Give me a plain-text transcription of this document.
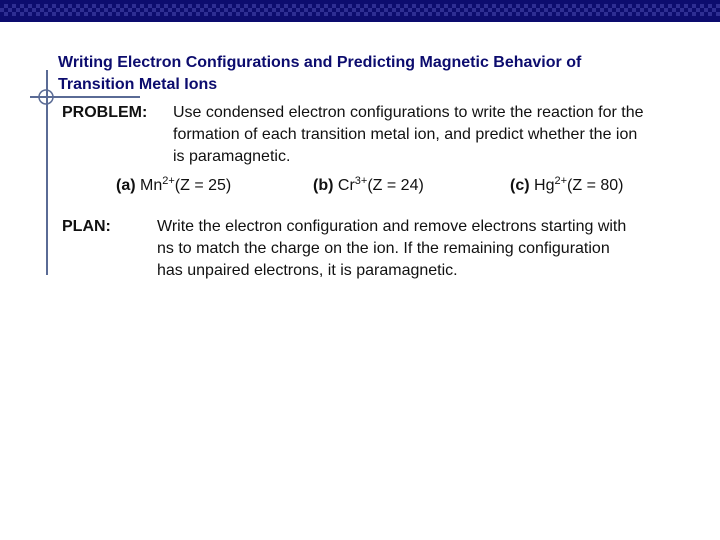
Writing Electron Configurations and Predicting Magnetic Behavior of
Transition Metal Ions
PROBLEM: Use condensed electron configurations to write the reaction for the
formation of each transition metal ion, and predict whether the ion
is paramagnetic.
(a) $Mn^{2+}(Z = 25)$	(b) $Cr^{3+}(Z = 24)$	(c) $Hg^{2+}(Z = 80)$
PLAN:	Write the electron configuration and remove electrons starting with
ns to match the charge on the ion. If the remaining configuration
has unpaired electrons, it is paramagnetic.
